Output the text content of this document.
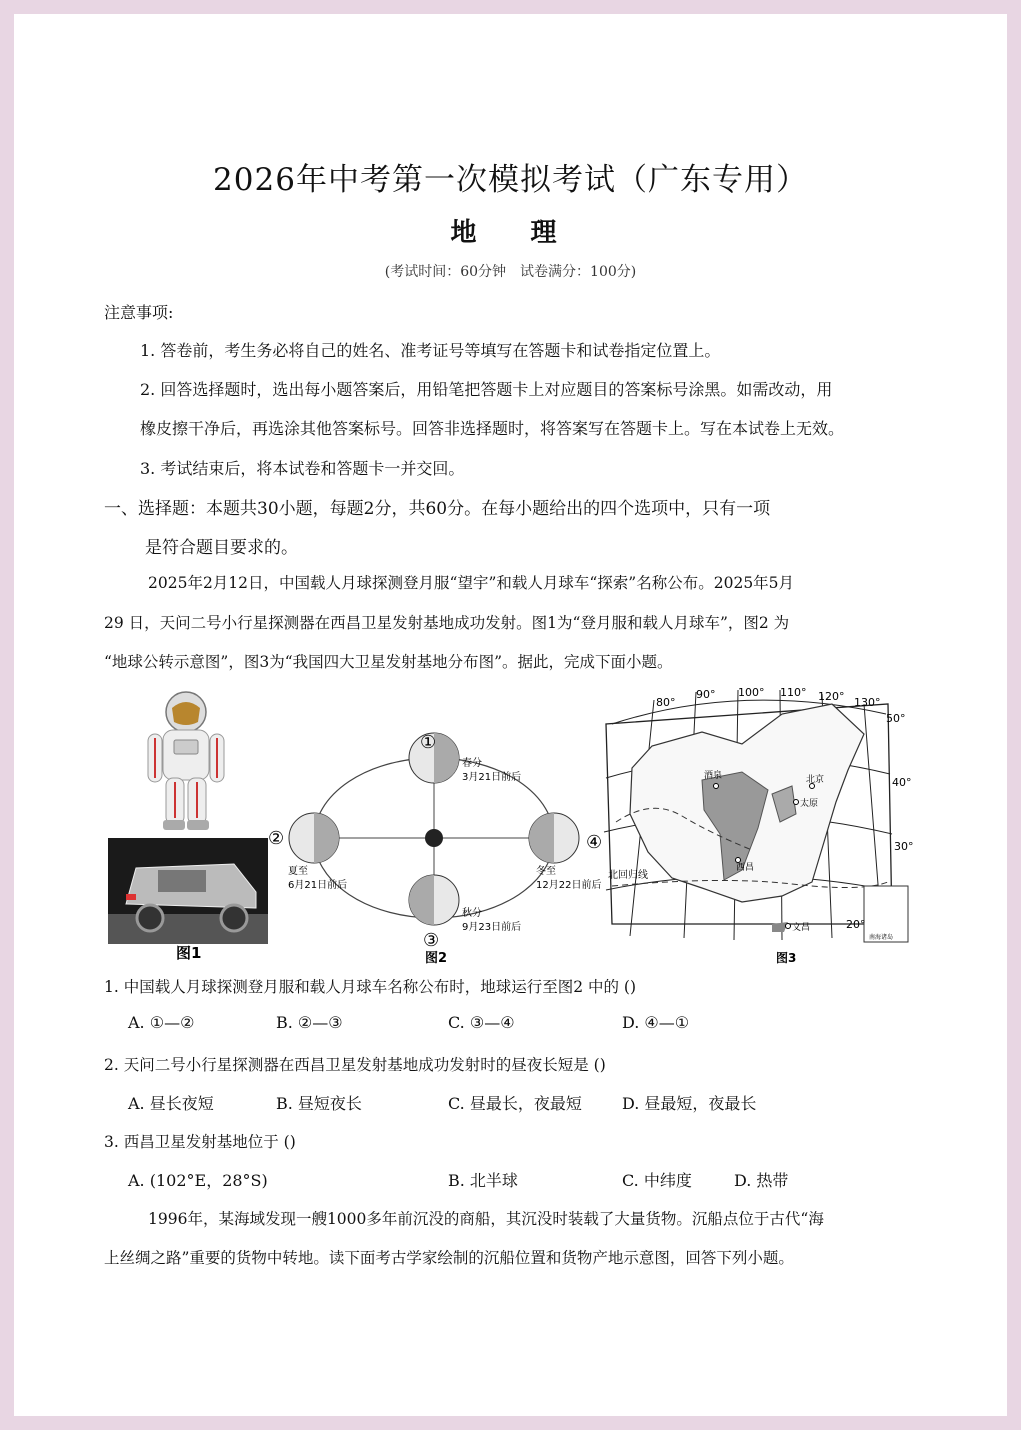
2026年中考第一次模拟考试（广东专用）
地　理
(考试时间：60分钟　试卷满分：100分)
注意事项:
1. 答卷前，考生务必将自己的姓名、准考证号等填写在答题卡和试卷指定位置上。
2. 回答选择题时，选出每小题答案后，用铅笔把答题卡上对应题目的答案标号涂黑。如需改动，用
橡皮擦干净后，再选涂其他答案标号。回答非选择题时，将答案写在答题卡上。写在本试卷上无效。
3. 考试结束后，将本试卷和答题卡一并交回。
一、选择题：本题共30小题，每题2分，共60分。在每小题给出的四个选项中，只有一项
是符合题目要求的。
2025年2月12日，中国载人月球探测登月服“望宇”和载人月球车“探索”名称公布。2025年5月
29 日，天问二号小行星探测器在西昌卫星发射基地成功发射。图1为“登月服和载人月球车”，图2 为
“地球公转示意图”，图3为“我国四大卫星发射基地分布图”。据此，完成下面小题。
图1
①
春分
3月21日前后
②
夏至
6月21日前后
③
秋分
9月23日前后
④
冬至
12月22日前后
图2
80°
90° 100° 110° 120° 130°
50°
40°
30°
20°
北回归线
酒泉
太原
北京
西昌
文昌
南海诸岛
图3
1. 中国载人月球探测登月服和载人月球车名称公布时，地球运行至图2 中的 ()
A. ①—②	B. ②—③	C. ③—④	D. ④—①
2. 天问二号小行星探测器在西昌卫星发射基地成功发射时的昼夜长短是 ()
A. 昼长夜短	B. 昼短夜长	C. 昼最长，夜最短	D. 昼最短，夜最长
3. 西昌卫星发射基地位于 ()
A. (102°E，28°S)	B. 北半球	C. 中纬度	D. 热带
1996年，某海域发现一艘1000多年前沉没的商船，其沉没时装载了大量货物。沉船点位于古代“海
上丝绸之路”重要的货物中转地。读下面考古学家绘制的沉船位置和货物产地示意图，回答下列小题。
